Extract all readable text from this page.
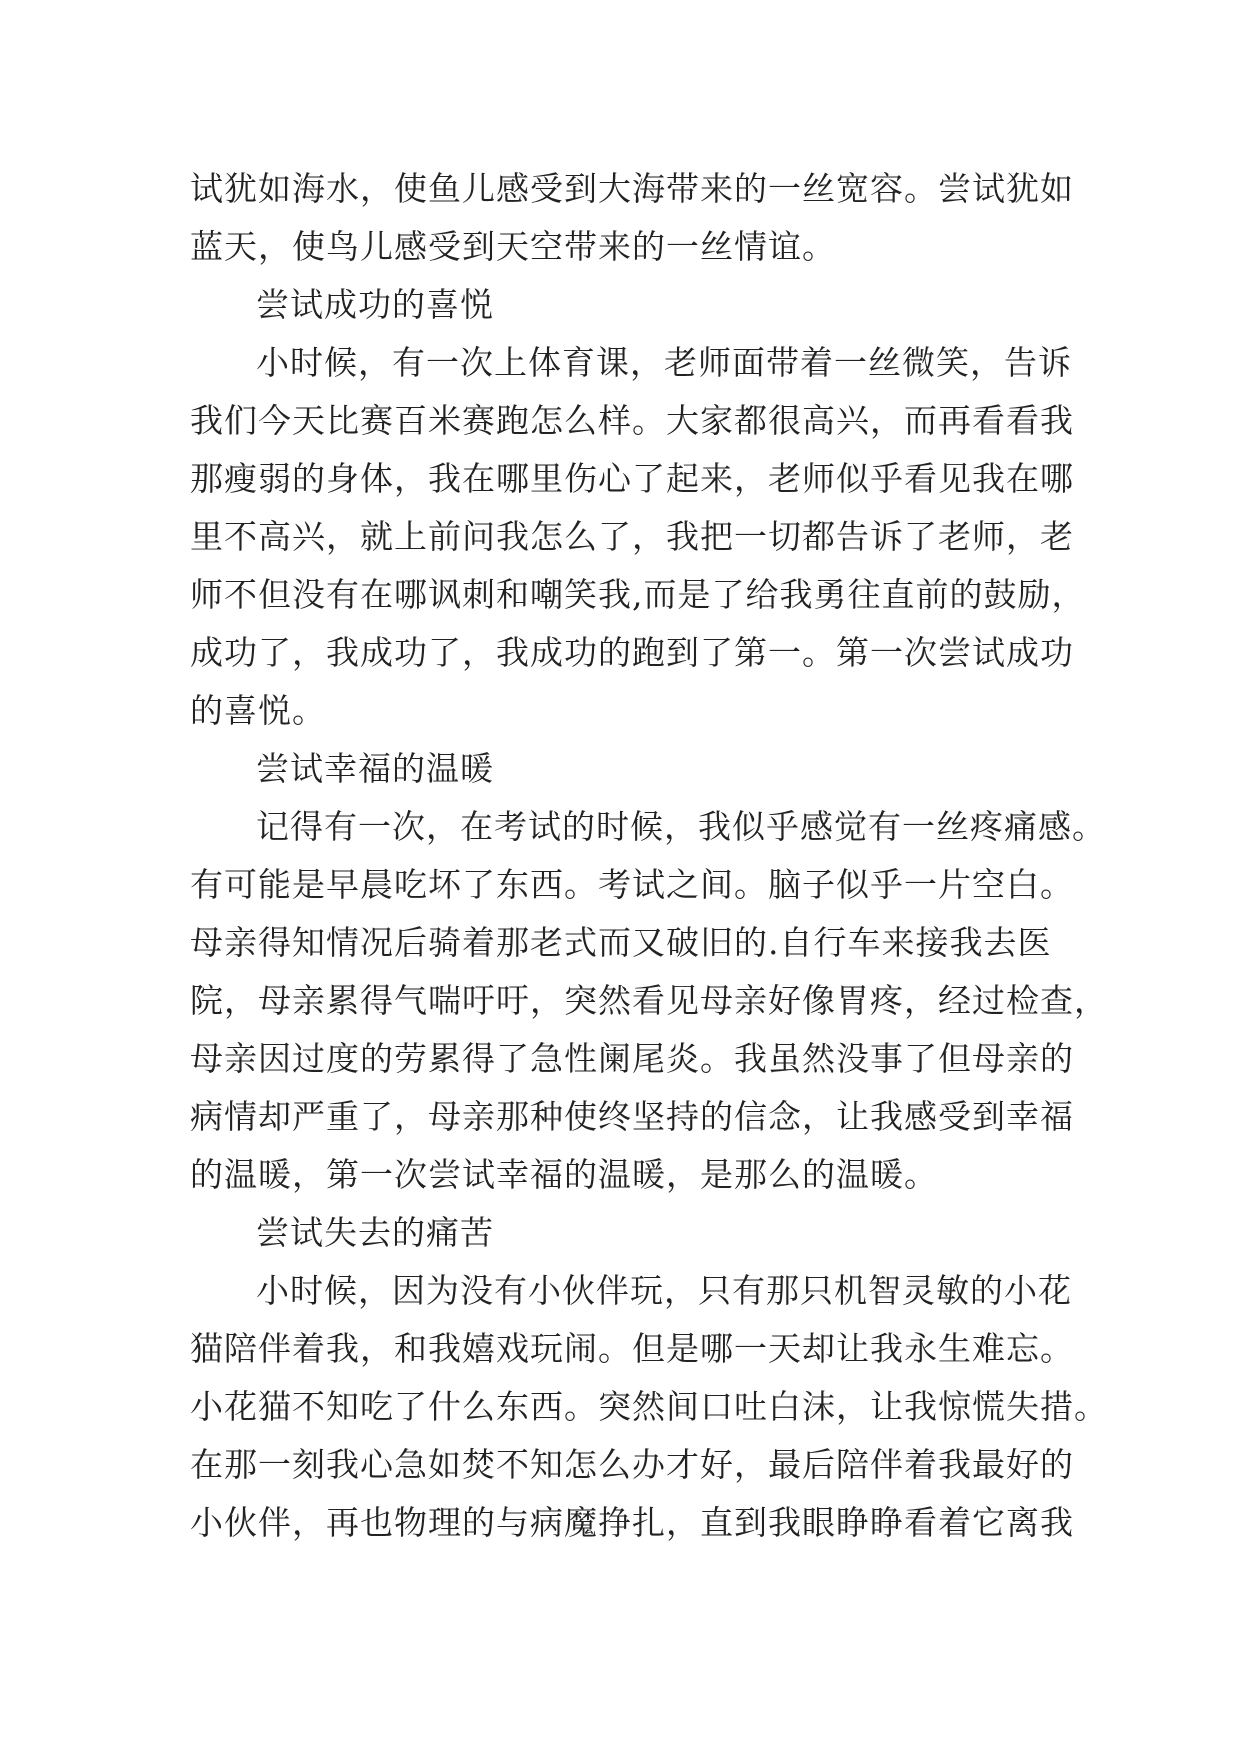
试犹如海水，使鱼儿感受到大海带来的一丝宽容。尝试犹如
蓝天，使鸟儿感受到天空带来的一丝情谊。
尝试成功的喜悦
小时候，有一次上体育课，老师面带着一丝微笑，告诉
我们今天比赛百米赛跑怎么样。大家都很高兴，而再看看我
那瘦弱的身体，我在哪里伤心了起来，老师似乎看见我在哪
里不高兴，就上前问我怎么了，我把一切都告诉了老师，老
师不但没有在哪讽刺和嘲笑我,而是了给我勇往直前的鼓励，
成功了，我成功了，我成功的跑到了第一。第一次尝试成功
的喜悦。
尝试幸福的温暖
记得有一次，在考试的时候，我似乎感觉有一丝疼痛感。
有可能是早晨吃坏了东西。考试之间。脑子似乎一片空白。
母亲得知情况后骑着那老式而又破旧的.自行车来接我去医
院，母亲累得气喘吁吁，突然看见母亲好像胃疼，经过检查，
母亲因过度的劳累得了急性阑尾炎。我虽然没事了但母亲的
病情却严重了，母亲那种使终坚持的信念，让我感受到幸福
的温暖，第一次尝试幸福的温暖，是那么的温暖。
尝试失去的痛苦
小时候，因为没有小伙伴玩，只有那只机智灵敏的小花
猫陪伴着我，和我嬉戏玩闹。但是哪一天却让我永生难忘。
小花猫不知吃了什么东西。突然间口吐白沫，让我惊慌失措。
在那一刻我心急如焚不知怎么办才好，最后陪伴着我最好的
小伙伴，再也物理的与病魔挣扎，直到我眼睁睁看着它离我
